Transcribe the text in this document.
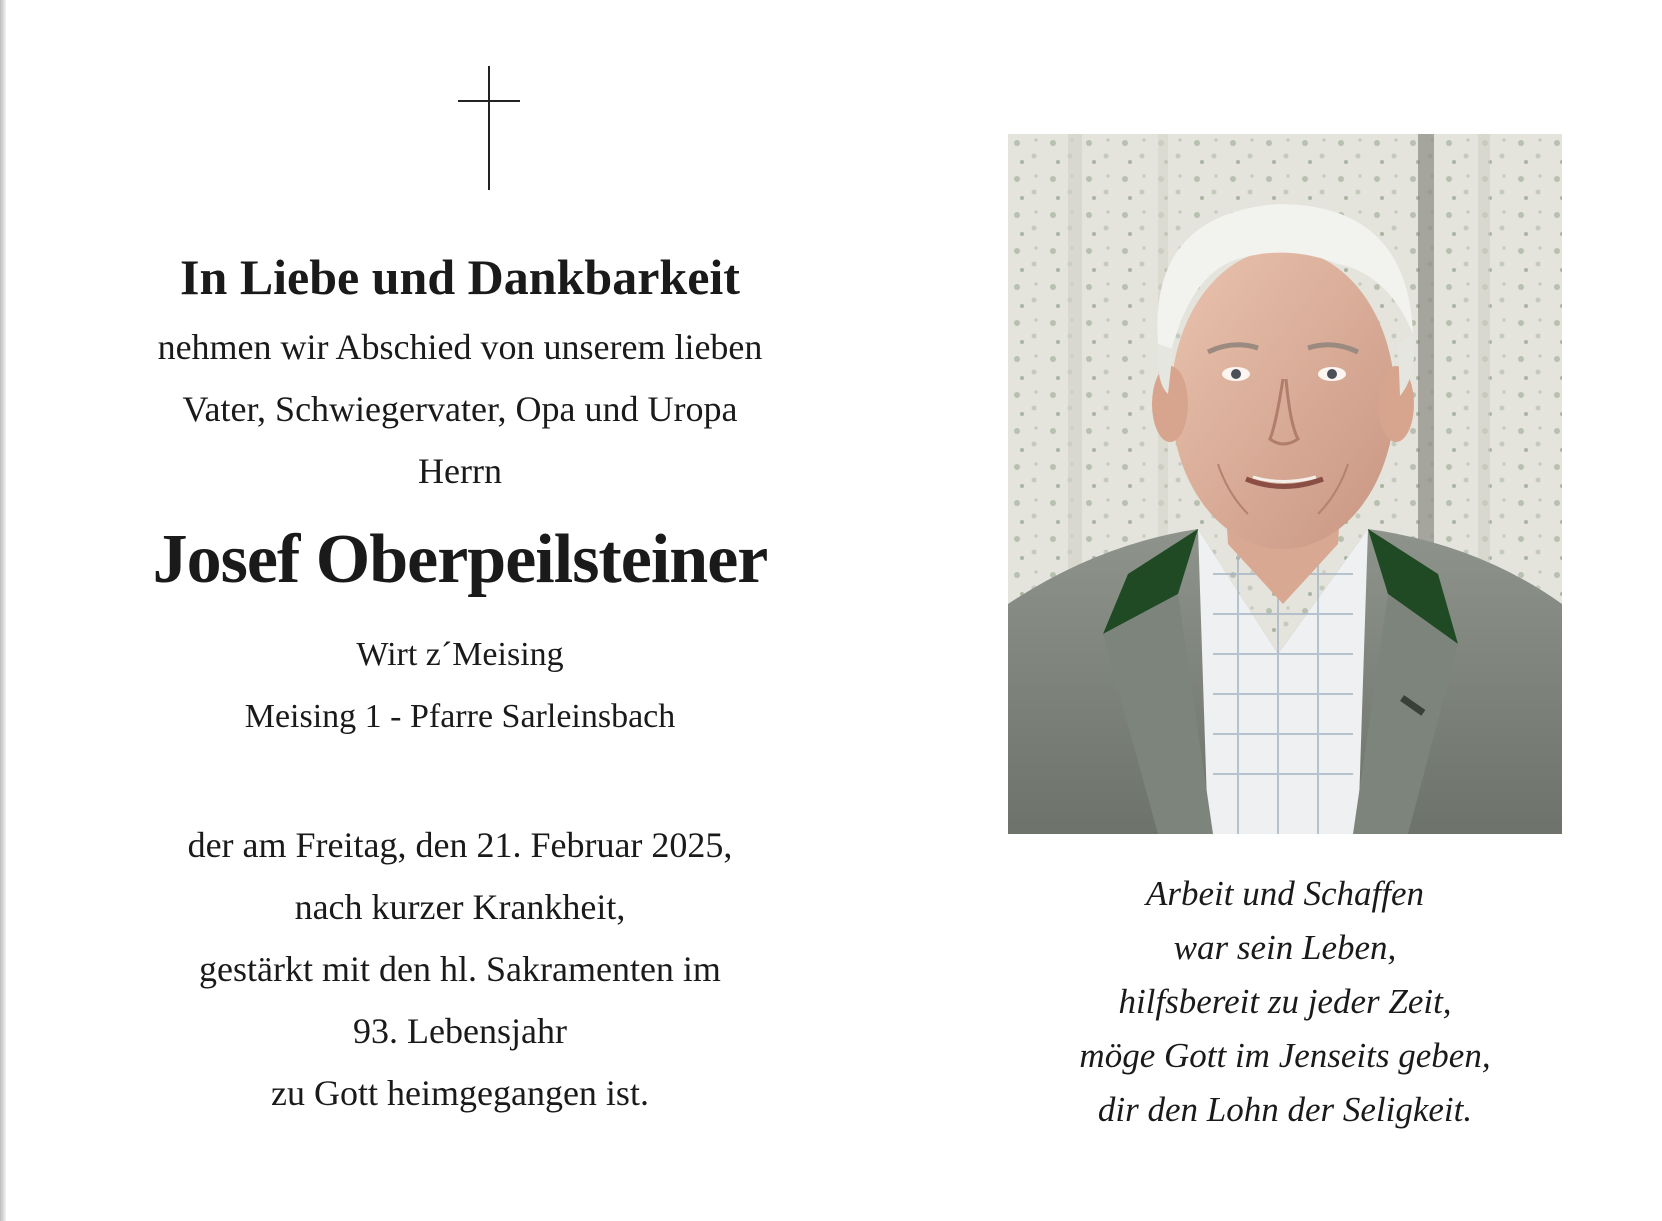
In Liebe und Dankbarkeit
nehmen wir Abschied von unserem lieben
Vater, Schwiegervater, Opa und Uropa
Herrn
Josef Oberpeilsteiner
Wirt z´Meising
Meising 1 - Pfarre Sarleinsbach
der am Freitag, den 21. Februar 2025,
nach kurzer Krankheit,
gestärkt mit den hl. Sakramenten im
93. Lebensjahr
zu Gott heimgegangen ist.
Arbeit und Schaffen
war sein Leben,
hilfsbereit zu jeder Zeit,
möge Gott im Jenseits geben,
dir den Lohn der Seligkeit.
